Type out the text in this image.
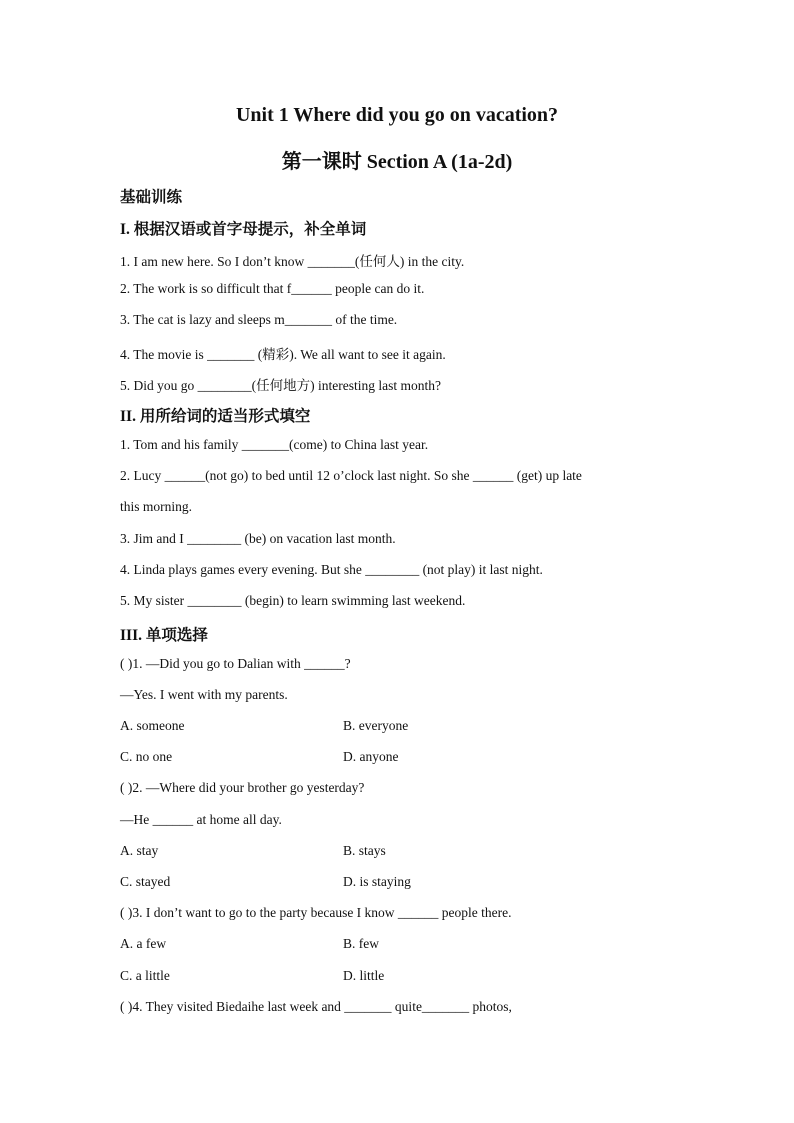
Unit 1 Where did you go on vacation?
第一课时 Section A (1a-2d)
基础训练
I. 根据汉语或首字母提示，补全单词
1. I am new here. So I don’t know _______(任何人) in the city.
2. The work is so difficult that f______ people can do it.
3. The cat is lazy and sleeps m_______ of the time.
4. The movie is _______ (精彩). We all want to see it again.
5. Did you go ________(任何地方) interesting last month?
II. 用所给词的适当形式填空
1. Tom and his family _______(come) to China last year.
2. Lucy ______(not go) to bed until 12 o’clock last night. So she ______ (get) up late
this morning.
3. Jim and I ________ (be) on vacation last month.
4. Linda plays games every evening. But she ________ (not play) it last night.
5. My sister ________ (begin) to learn swimming last weekend.
III. 单项选择
( )1. —Did you go to Dalian with ______?
—Yes. I went with my parents.
A. someone	B. everyone
C. no one	D. anyone
( )2. —Where did your brother go yesterday?
—He ______ at home all day.
A. stay	B. stays
C. stayed	D. is staying
( )3. I don’t want to go to the party because I know ______ people there.
A. a few	B. few
C. a little	D. little
( )4. They visited Biedaihe last week and _______ quite_______ photos,
